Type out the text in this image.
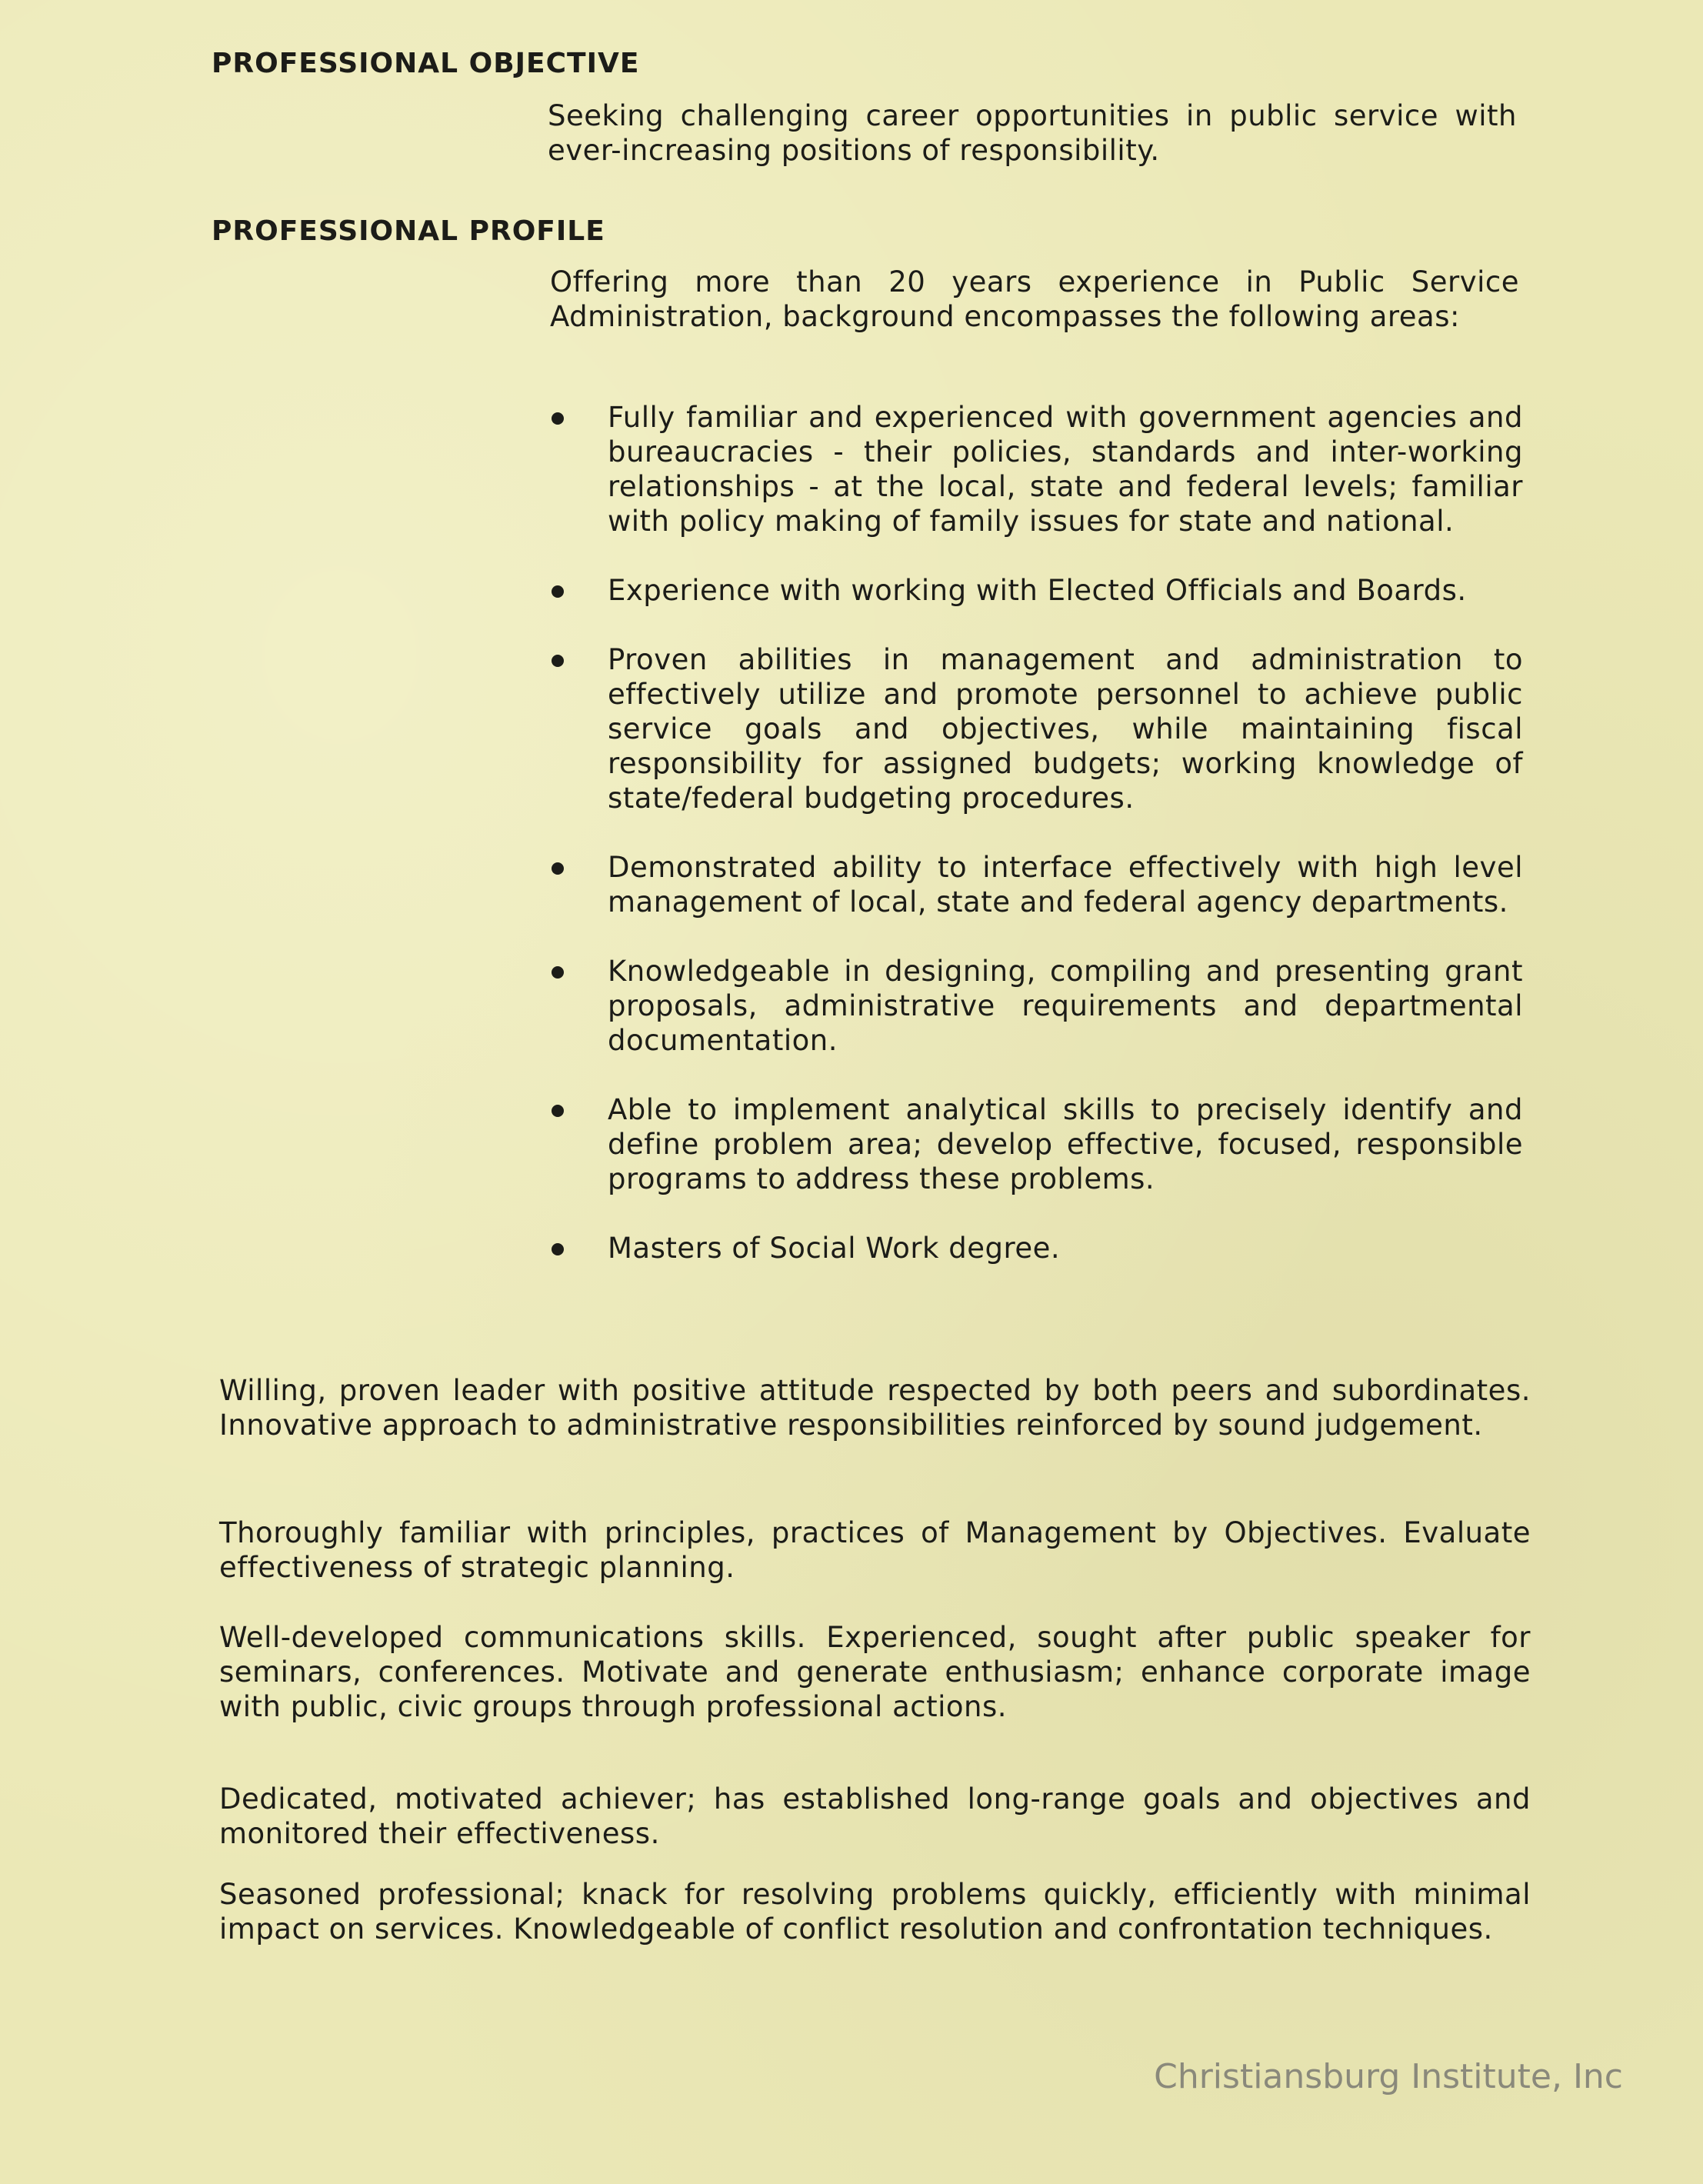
PROFESSIONAL OBJECTIVE

Seeking challenging career opportunities in public service with ever-increasing positions of responsibility.

PROFESSIONAL PROFILE

Offering more than 20 years experience in Public Service Administration, background encompasses the following areas:

Fully familiar and experienced with government agencies and bureaucracies - their policies, standards and inter-working relationships - at the local, state and federal levels; familiar with policy making of family issues for state and national.
Experience with working with Elected Officials and Boards.
Proven abilities in management and administration to effectively utilize and promote personnel to achieve public service goals and objectives, while maintaining fiscal responsibility for assigned budgets; working knowledge of state/federal budgeting procedures.
Demonstrated ability to interface effectively with high level management of local, state and federal agency departments.
Knowledgeable in designing, compiling and presenting grant proposals, administrative requirements and departmental documentation.
Able to implement analytical skills to precisely identify and define problem area; develop effective, focused, responsible programs to address these problems.
Masters of Social Work degree.

Willing, proven leader with positive attitude respected by both peers and subordinates. Innovative approach to administrative responsibilities reinforced by sound judgement.

Thoroughly familiar with principles, practices of Management by Objectives. Evaluate effectiveness of strategic planning.

Well-developed communications skills. Experienced, sought after public speaker for seminars, conferences. Motivate and generate enthusiasm; enhance corporate image with public, civic groups through professional actions.

Dedicated, motivated achiever; has established long-range goals and objectives and monitored their effectiveness.

Seasoned professional; knack for resolving problems quickly, efficiently with minimal impact on services. Knowledgeable of conflict resolution and confrontation techniques.

Christiansburg Institute, Inc
